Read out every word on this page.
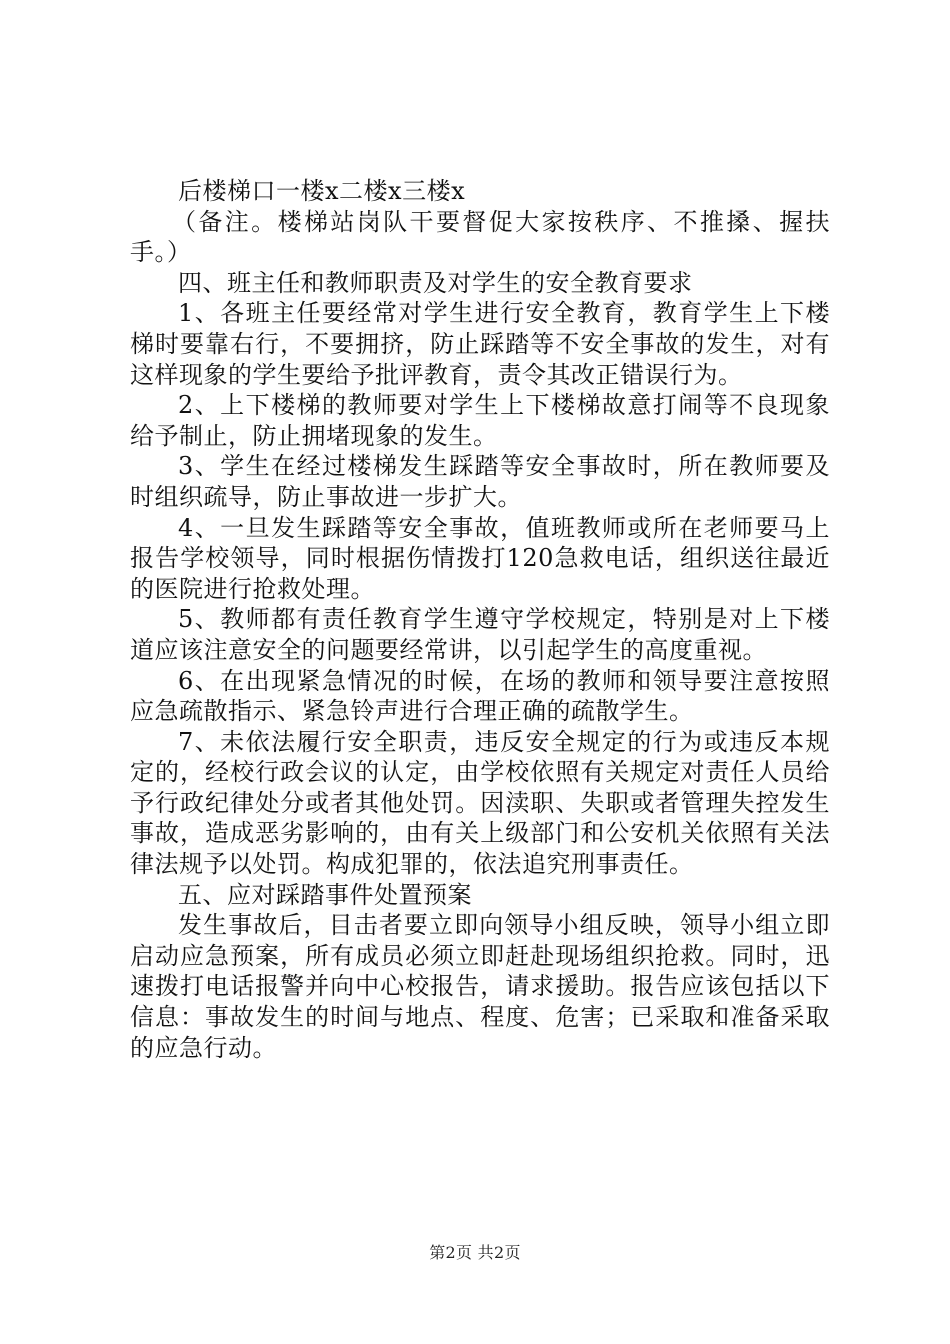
后楼梯口一楼x二楼x三楼x

（备注。楼梯站岗队干要督促大家按秩序、不推搡、握扶手。）

四、班主任和教师职责及对学生的安全教育要求

1、各班主任要经常对学生进行安全教育，教育学生上下楼梯时要靠右行，不要拥挤，防止踩踏等不安全事故的发生，对有这样现象的学生要给予批评教育，责令其改正错误行为。

2、上下楼梯的教师要对学生上下楼梯故意打闹等不良现象给予制止，防止拥堵现象的发生。

3、学生在经过楼梯发生踩踏等安全事故时，所在教师要及时组织疏导，防止事故进一步扩大。

4、一旦发生踩踏等安全事故，值班教师或所在老师要马上报告学校领导，同时根据伤情拨打120急救电话，组织送往最近的医院进行抢救处理。

5、教师都有责任教育学生遵守学校规定，特别是对上下楼道应该注意安全的问题要经常讲，以引起学生的高度重视。

6、在出现紧急情况的时候，在场的教师和领导要注意按照应急疏散指示、紧急铃声进行合理正确的疏散学生。

7、未依法履行安全职责，违反安全规定的行为或违反本规定的，经校行政会议的认定，由学校依照有关规定对责任人员给予行政纪律处分或者其他处罚。因渎职、失职或者管理失控发生事故，造成恶劣影响的，由有关上级部门和公安机关依照有关法律法规予以处罚。构成犯罪的，依法追究刑事责任。

五、应对踩踏事件处置预案

发生事故后，目击者要立即向领导小组反映，领导小组立即启动应急预案，所有成员必须立即赶赴现场组织抢救。同时，迅速拨打电话报警并向中心校报告，请求援助。报告应该包括以下信息：事故发生的时间与地点、程度、危害；已采取和准备采取的应急行动。

第2页 共2页
